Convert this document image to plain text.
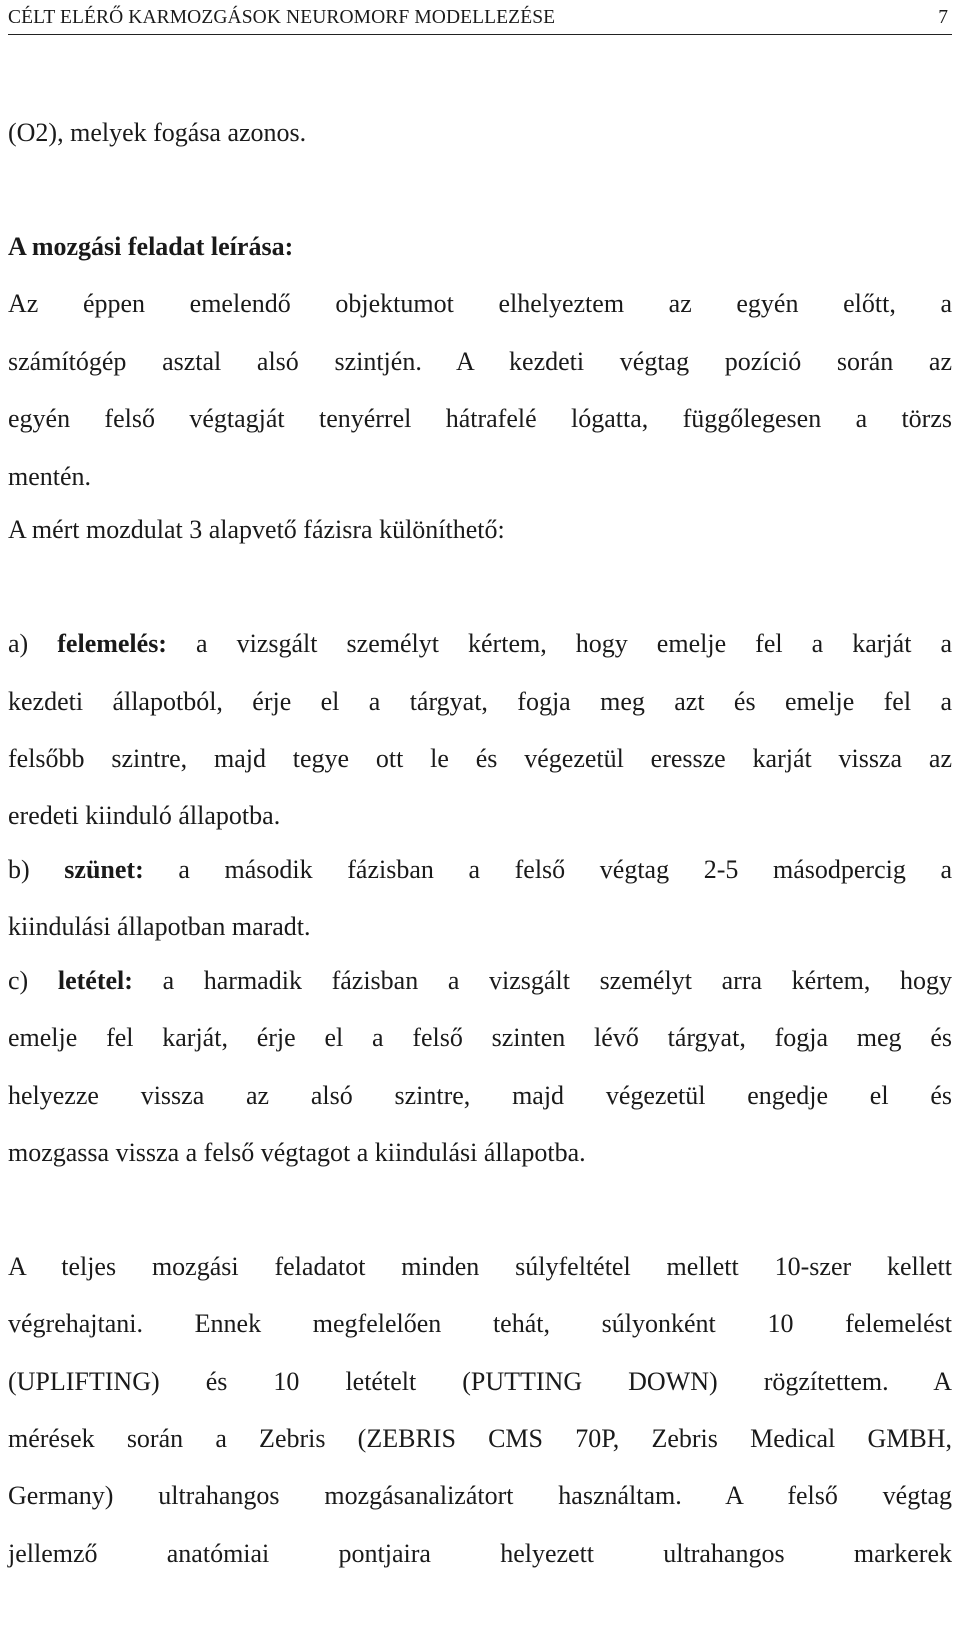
CÉLT ELÉRŐ KARMOZGÁSOK NEUROMORF MODELLEZÉSE	7
(O2), melyek fogása azonos.
A mozgási feladat leírása:
Az éppen emelendő objektumot elhelyeztem az egyén előtt, a
számítógép asztal alsó szintjén. A kezdeti végtag pozíció során az
egyén felső végtagját tenyérrel hátrafelé lógatta, függőlegesen a törzs
mentén.
A mért mozdulat 3 alapvető fázisra különíthető:
a) felemelés: a vizsgált személyt kértem, hogy emelje fel a karját a
kezdeti állapotból, érje el a tárgyat, fogja meg azt és emelje fel a
felsőbb szintre, majd tegye ott le és végezetül eressze karját vissza az
eredeti kiinduló állapotba.
b) szünet: a második fázisban a felső végtag 2-5 másodpercig a
kiindulási állapotban maradt.
c) letétel: a harmadik fázisban a vizsgált személyt arra kértem, hogy
emelje fel karját, érje el a felső szinten lévő tárgyat, fogja meg és
helyezze vissza az alsó szintre, majd végezetül engedje el és
mozgassa vissza a felső végtagot a kiindulási állapotba.
A teljes mozgási feladatot minden súlyfeltétel mellett 10-szer kellett
végrehajtani. Ennek megfelelően tehát, súlyonként 10 felemelést
(UPLIFTING) és 10 letételt (PUTTING DOWN) rögzítettem. A
mérések során a Zebris (ZEBRIS CMS 70P, Zebris Medical GMBH,
Germany) ultrahangos mozgásanalizátort használtam. A felső végtag
jellemző anatómiai pontjaira helyezett ultrahangos markerek
